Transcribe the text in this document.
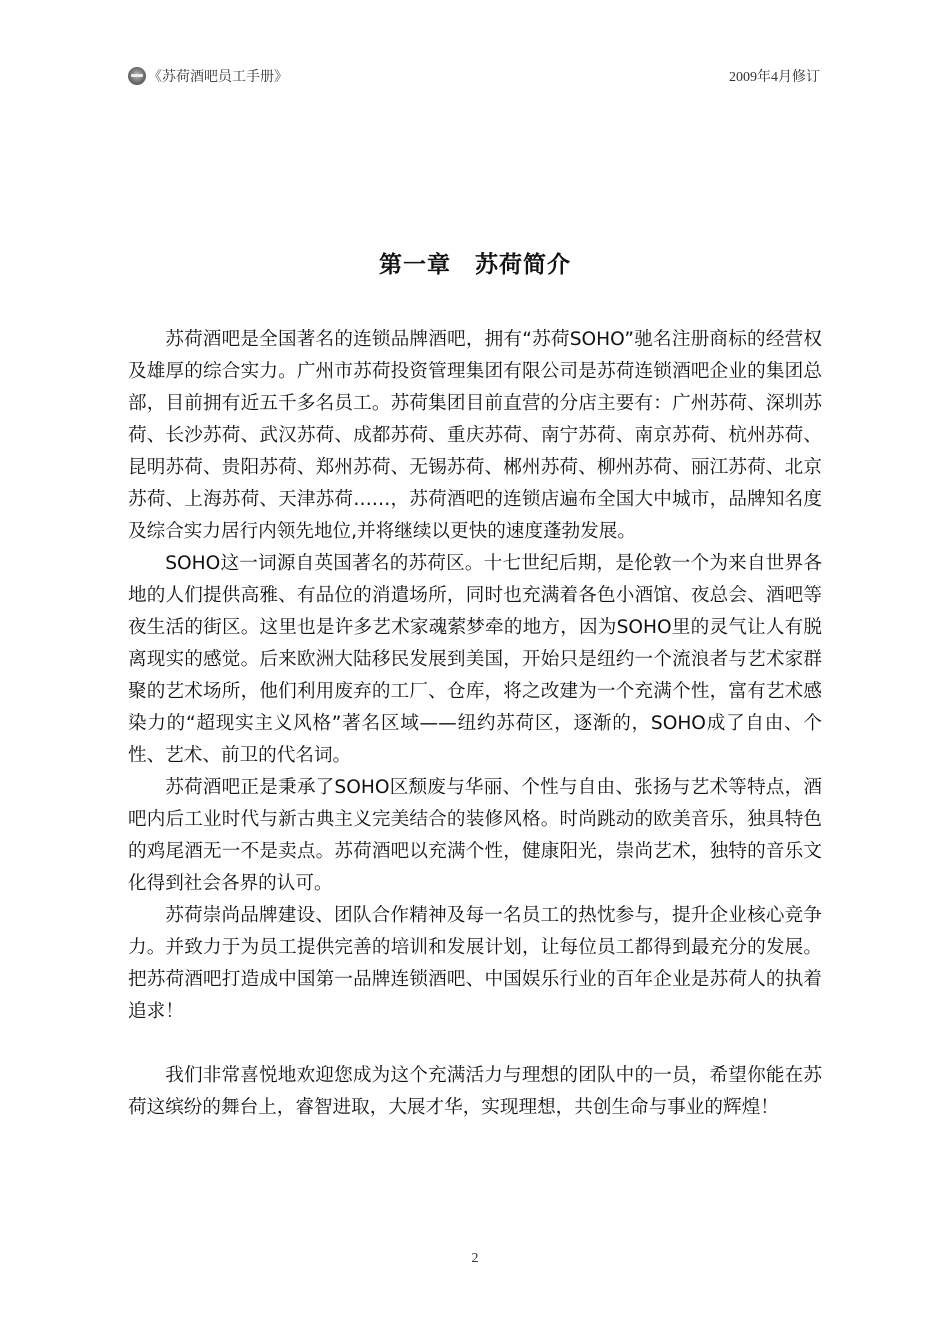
《苏荷酒吧员工手册》	2009年4月修订
第一章　苏荷简介

苏荷酒吧是全国著名的连锁品牌酒吧，拥有“苏荷SOHO”驰名注册商标的经营权及雄厚的综合实力。广州市苏荷投资管理集团有限公司是苏荷连锁酒吧企业的集团总部，目前拥有近五千多名员工。苏荷集团目前直营的分店主要有：广州苏荷、深圳苏荷、长沙苏荷、武汉苏荷、成都苏荷、重庆苏荷、南宁苏荷、南京苏荷、杭州苏荷、昆明苏荷、贵阳苏荷、郑州苏荷、无锡苏荷、郴州苏荷、柳州苏荷、丽江苏荷、北京苏荷、上海苏荷、天津苏荷……，苏荷酒吧的连锁店遍布全国大中城市，品牌知名度及综合实力居行内领先地位,并将继续以更快的速度蓬勃发展。

SOHO这一词源自英国著名的苏荷区。十七世纪后期，是伦敦一个为来自世界各地的人们提供高雅、有品位的消遣场所，同时也充满着各色小酒馆、夜总会、酒吧等夜生活的街区。这里也是许多艺术家魂萦梦牵的地方，因为SOHO里的灵气让人有脱离现实的感觉。后来欧洲大陆移民发展到美国，开始只是纽约一个流浪者与艺术家群聚的艺术场所，他们利用废弃的工厂、仓库，将之改建为一个充满个性，富有艺术感染力的“超现实主义风格”著名区域——纽约苏荷区，逐渐的，SOHO成了自由、个性、艺术、前卫的代名词。

苏荷酒吧正是秉承了SOHO区颓废与华丽、个性与自由、张扬与艺术等特点，酒吧内后工业时代与新古典主义完美结合的装修风格。时尚跳动的欧美音乐，独具特色的鸡尾酒无一不是卖点。苏荷酒吧以充满个性，健康阳光，崇尚艺术，独特的音乐文化得到社会各界的认可。

苏荷崇尚品牌建设、团队合作精神及每一名员工的热忱参与，提升企业核心竞争力。并致力于为员工提供完善的培训和发展计划，让每位员工都得到最充分的发展。把苏荷酒吧打造成中国第一品牌连锁酒吧、中国娱乐行业的百年企业是苏荷人的执着追求！

我们非常喜悦地欢迎您成为这个充满活力与理想的团队中的一员，希望你能在苏荷这缤纷的舞台上，睿智进取，大展才华，实现理想，共创生命与事业的辉煌！

2
